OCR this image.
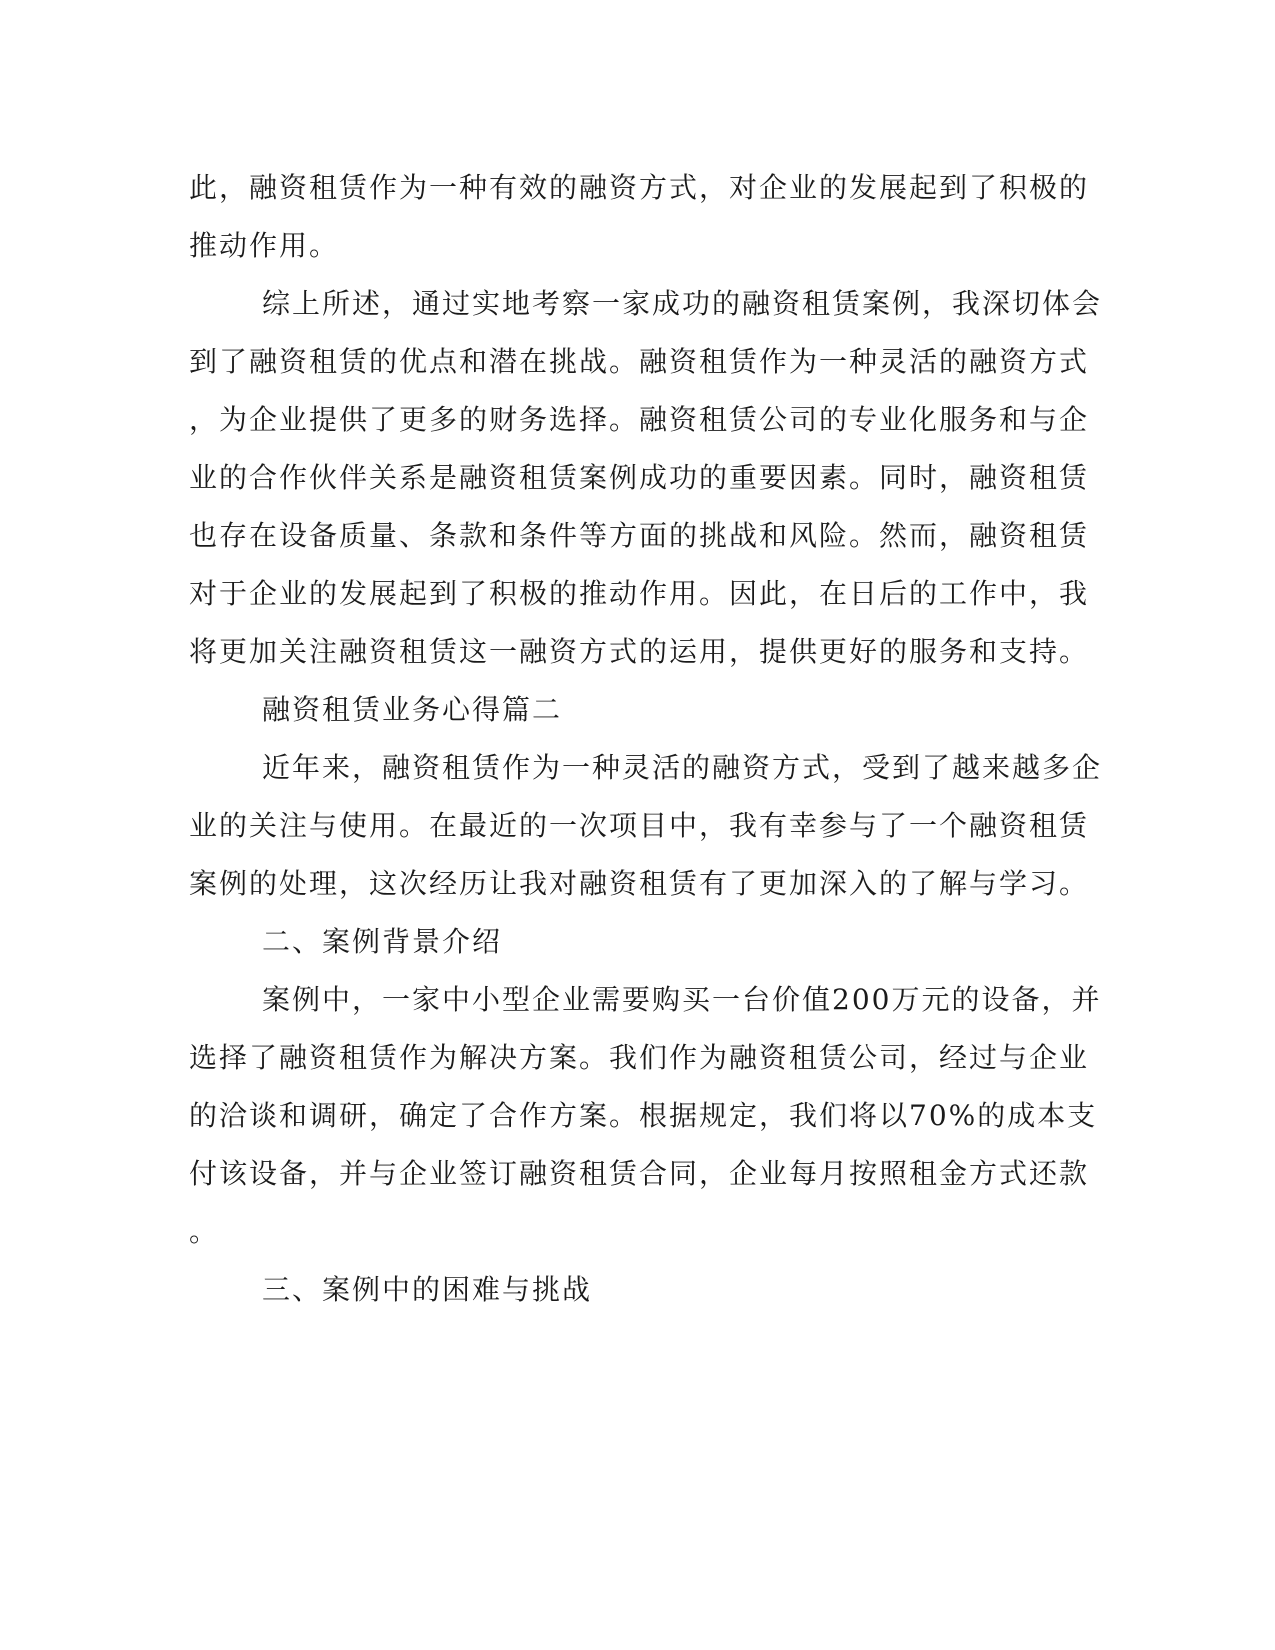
此，融资租赁作为一种有效的融资方式，对企业的发展起到了积极的
推动作用。
综上所述，通过实地考察一家成功的融资租赁案例，我深切体会
到了融资租赁的优点和潜在挑战。融资租赁作为一种灵活的融资方式
，为企业提供了更多的财务选择。融资租赁公司的专业化服务和与企
业的合作伙伴关系是融资租赁案例成功的重要因素。同时，融资租赁
也存在设备质量、条款和条件等方面的挑战和风险。然而，融资租赁
对于企业的发展起到了积极的推动作用。因此，在日后的工作中，我
将更加关注融资租赁这一融资方式的运用，提供更好的服务和支持。
融资租赁业务心得篇二
近年来，融资租赁作为一种灵活的融资方式，受到了越来越多企
业的关注与使用。在最近的一次项目中，我有幸参与了一个融资租赁
案例的处理，这次经历让我对融资租赁有了更加深入的了解与学习。
二、案例背景介绍
案例中，一家中小型企业需要购买一台价值200万元的设备，并
选择了融资租赁作为解决方案。我们作为融资租赁公司，经过与企业
的洽谈和调研，确定了合作方案。根据规定，我们将以70%的成本支
付该设备，并与企业签订融资租赁合同，企业每月按照租金方式还款
。
三、案例中的困难与挑战
